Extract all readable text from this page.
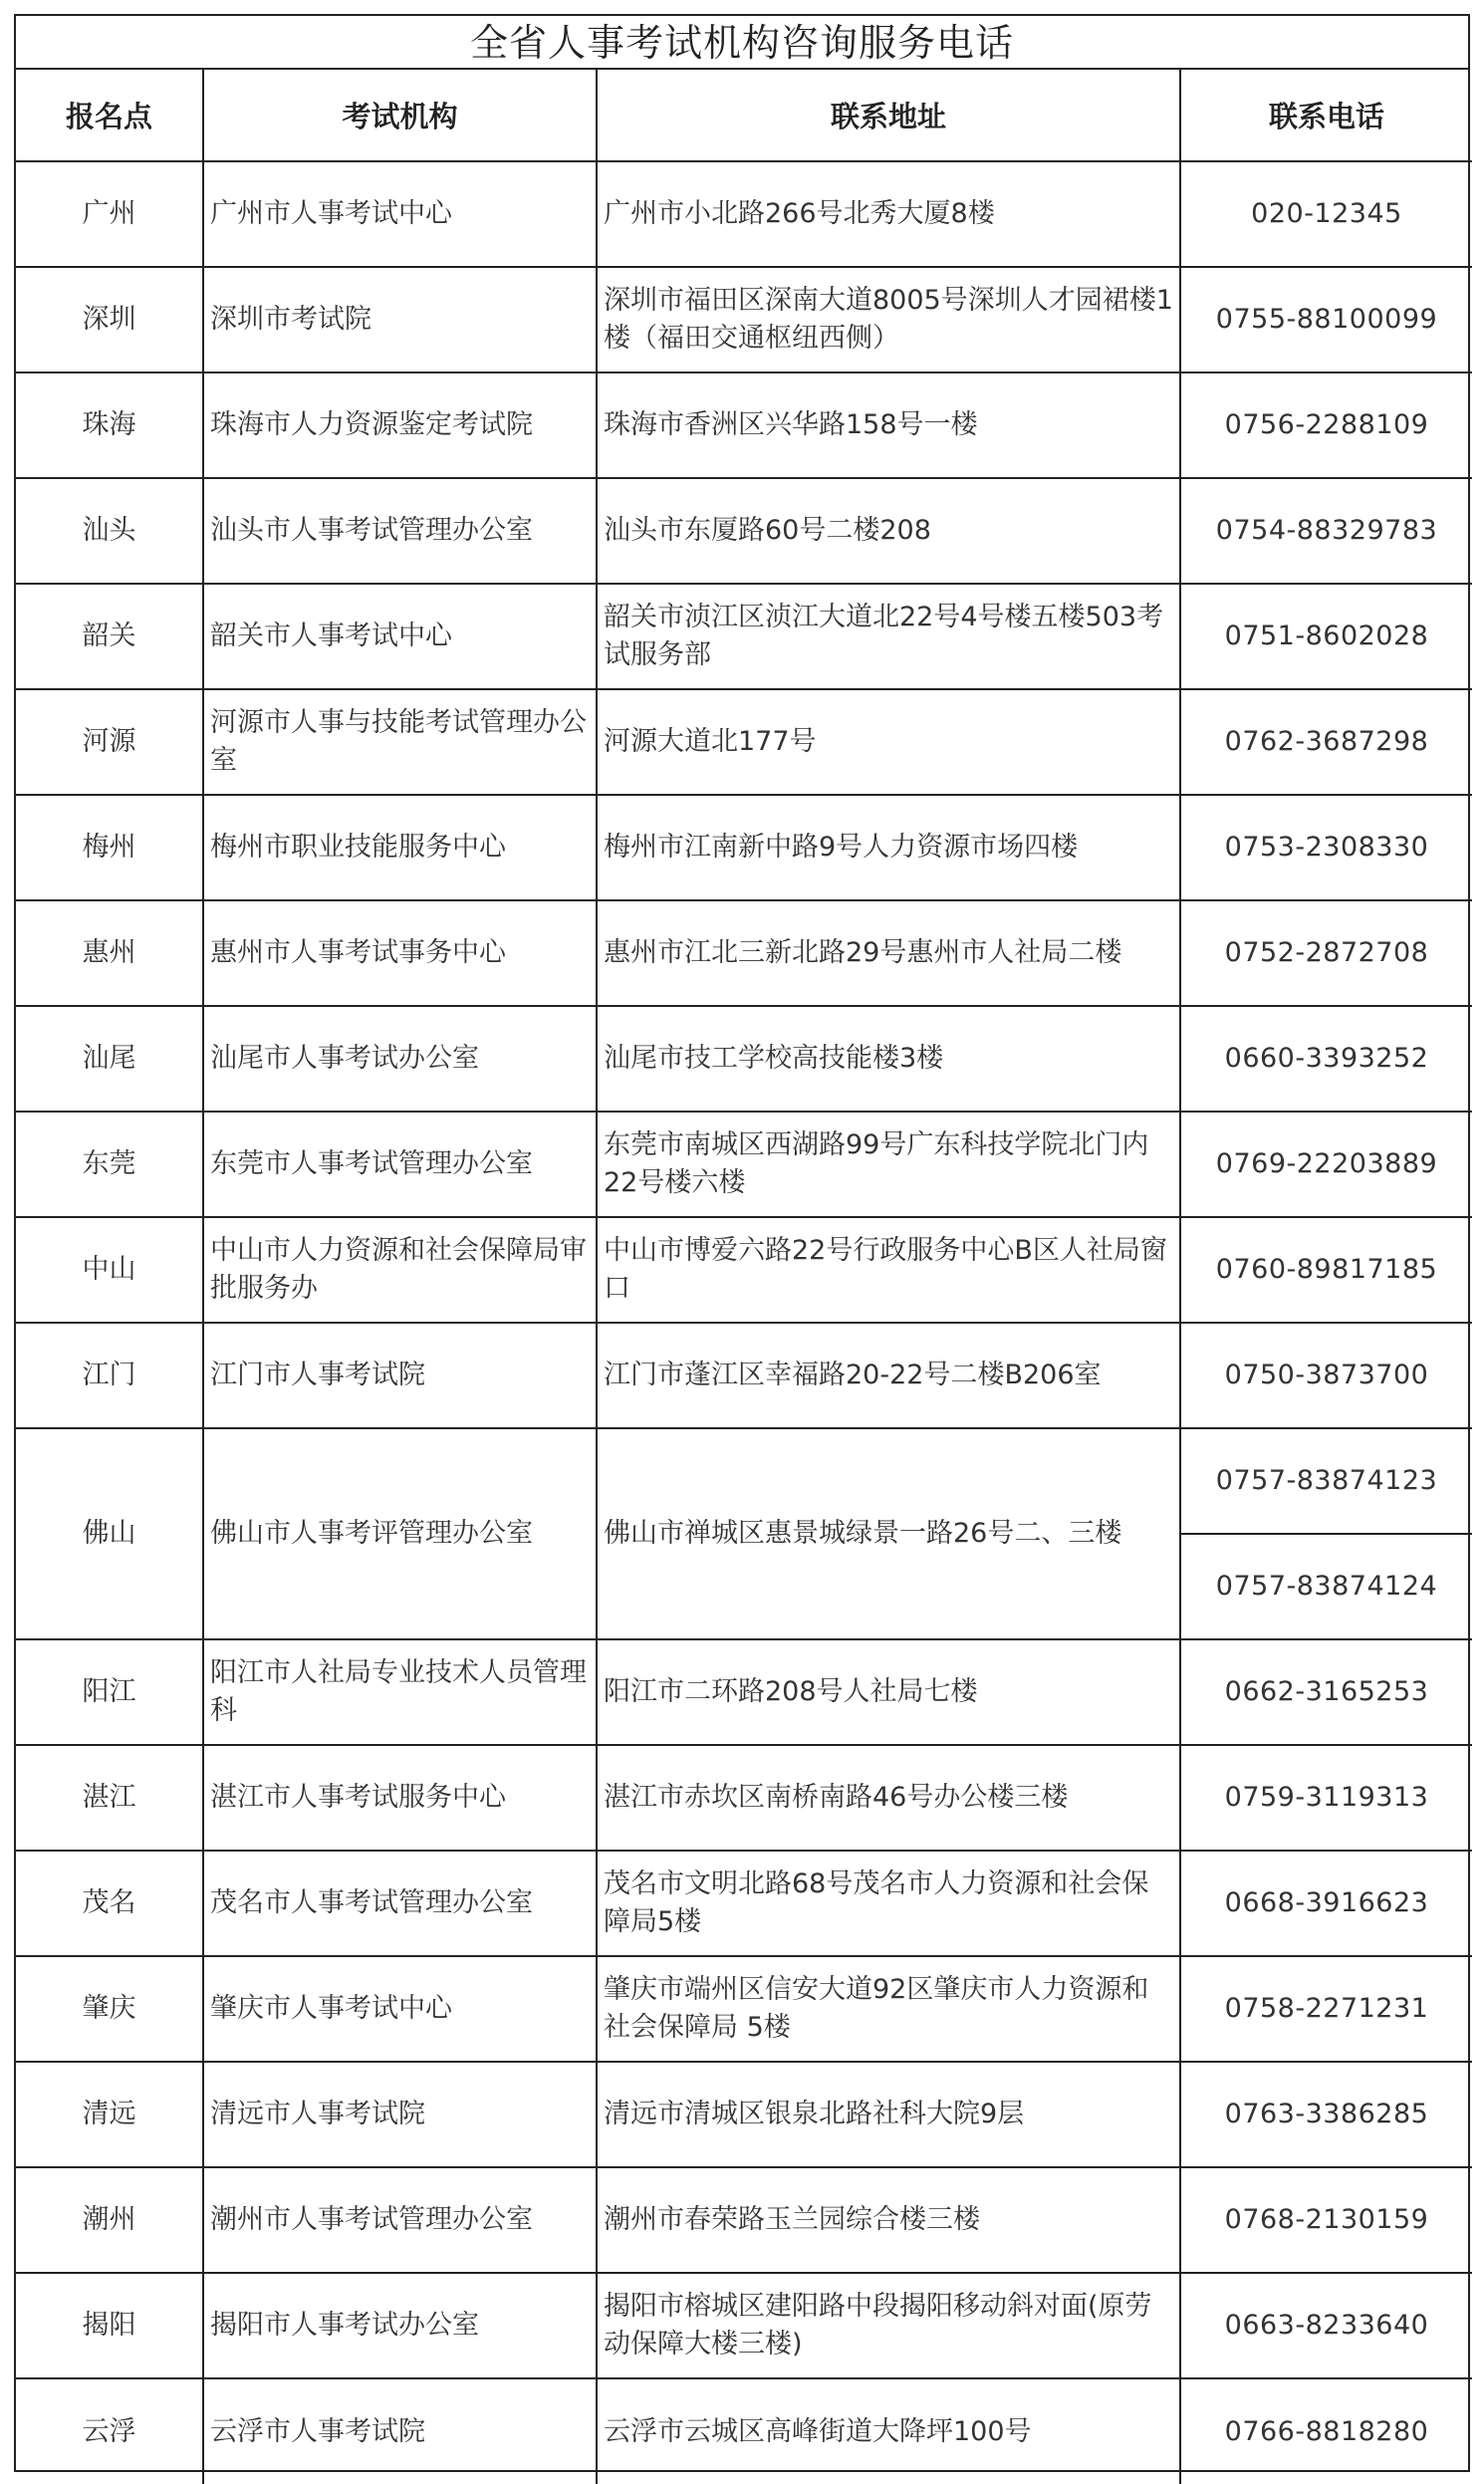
全省人事考试机构咨询服务电话
报名点	考试机构	联系地址	联系电话
广州	广州市人事考试中心	广州市小北路266号北秀大厦8楼	020-12345
深圳	深圳市考试院	深圳市福田区深南大道8005号深圳人才园裙楼1楼（福田交通枢纽西侧）	0755-88100099
珠海	珠海市人力资源鉴定考试院	珠海市香洲区兴华路158号一楼	0756-2288109
汕头	汕头市人事考试管理办公室	汕头市东厦路60号二楼208	0754-88329783
韶关	韶关市人事考试中心	韶关市浈江区浈江大道北22号4号楼五楼503考试服务部	0751-8602028
河源	河源市人事与技能考试管理办公室	河源大道北177号	0762-3687298
梅州	梅州市职业技能服务中心	梅州市江南新中路9号人力资源市场四楼	0753-2308330
惠州	惠州市人事考试事务中心	惠州市江北三新北路29号惠州市人社局二楼	0752-2872708
汕尾	汕尾市人事考试办公室	汕尾市技工学校高技能楼3楼	0660-3393252
东莞	东莞市人事考试管理办公室	东莞市南城区西湖路99号广东科技学院北门内22号楼六楼	0769-22203889
中山	中山市人力资源和社会保障局审批服务办	中山市博爱六路22号行政服务中心B区人社局窗口	0760-89817185
江门	江门市人事考试院	江门市蓬江区幸福路20-22号二楼B206室	0750-3873700
佛山	佛山市人事考评管理办公室	佛山市禅城区惠景城绿景一路26号二、三楼	0757-83874123
			0757-83874124
阳江	阳江市人社局专业技术人员管理科	阳江市二环路208号人社局七楼	0662-3165253
湛江	湛江市人事考试服务中心	湛江市赤坎区南桥南路46号办公楼三楼	0759-3119313
茂名	茂名市人事考试管理办公室	茂名市文明北路68号茂名市人力资源和社会保障局5楼	0668-3916623
肇庆	肇庆市人事考试中心	肇庆市端州区信安大道92区肇庆市人力资源和社会保障局 5楼	0758-2271231
清远	清远市人事考试院	清远市清城区银泉北路社科大院9层	0763-3386285
潮州	潮州市人事考试管理办公室	潮州市春荣路玉兰园综合楼三楼	0768-2130159
揭阳	揭阳市人事考试办公室	揭阳市榕城区建阳路中段揭阳移动斜对面(原劳动保障大楼三楼)	0663-8233640
云浮	云浮市人事考试院	云浮市云城区高峰街道大降坪100号	0766-8818280
